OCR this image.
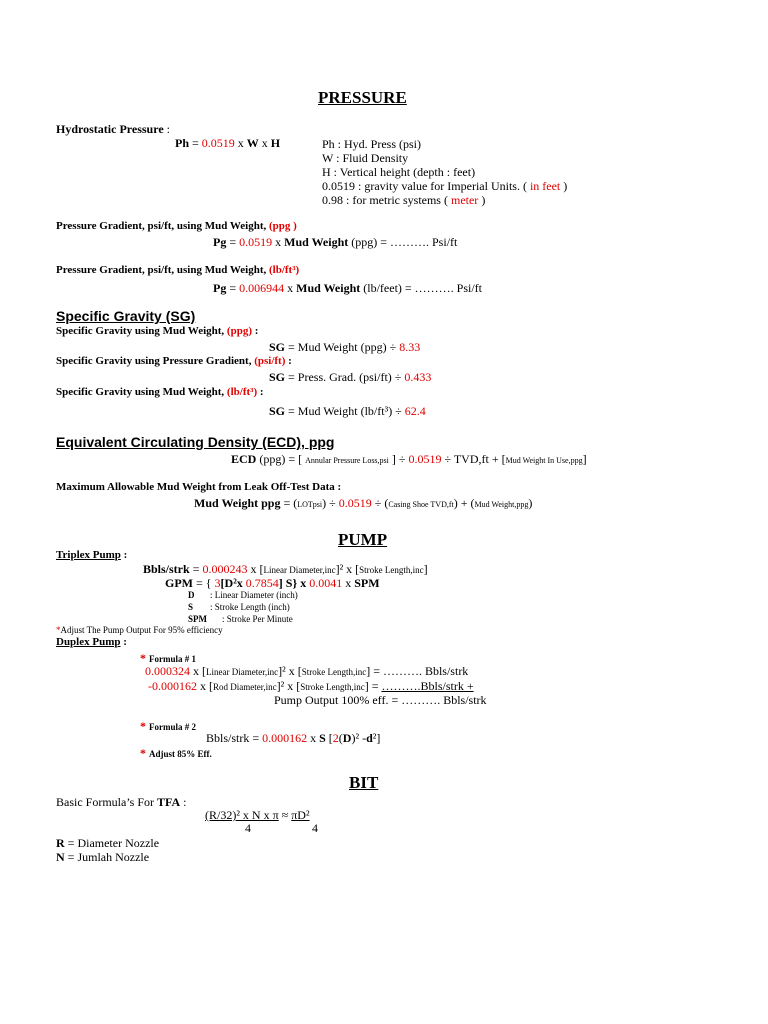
PRESSURE
Hydrostatic Pressure :
Ph = 0.0519 x W x H	Ph : Hyd. Press (psi)
W : Fluid Density
H : Vertical height (depth : feet)
0.0519 : gravity value for Imperial Units. ( in feet )
0.98 : for metric systems ( meter )
Pressure Gradient, psi/ft, using Mud Weight, (ppg )
Pg = 0.0519 x Mud Weight (ppg) = ………. Psi/ft
Pressure Gradient, psi/ft, using Mud Weight, (lb/ft³)
Pg = 0.006944 x Mud Weight (lb/feet) = ………. Psi/ft
Specific Gravity (SG)
Specific Gravity using Mud Weight, (ppg) :
SG = Mud Weight (ppg) ÷ 8.33
Specific Gravity using Pressure Gradient, (psi/ft) :
SG = Press. Grad. (psi/ft) ÷ 0.433
Specific Gravity using Mud Weight, (lb/ft³) :
SG = Mud Weight (lb/ft³) ÷ 62.4
Equivalent Circulating Density (ECD), ppg
ECD (ppg) = [ Annular Pressure Loss,psi ] ÷ 0.0519 ÷ TVD,ft + [Mud Weight In Use,ppg]
Maximum Allowable Mud Weight from Leak Off-Test Data :
Mud Weight ppg = (LOTpsi) ÷ 0.0519 ÷ (Casing Shoe TVD,ft) + (Mud Weight,ppg)
PUMP
Triplex Pump :
Bbls/strk = 0.000243 x [Linear Diameter,inc]² x [Stroke Length,inc]
GPM = { 3[D²x 0.7854] S} x 0.0041 x SPM
D : Linear Diameter (inch)
S : Stroke Length (inch)
SPM : Stroke Per Minute
*Adjust The Pump Output For 95% efficiency
Duplex Pump :
* Formula # 1
0.000324 x [Linear Diameter,inc]² x [Stroke Length,inc] = ………. Bbls/strk
-0.000162 x [Rod Diameter,inc]² x [Stroke Length,inc] = ……….Bbls/strk +
Pump Output 100% eff. = ………. Bbls/strk
* Formula # 2
Bbls/strk = 0.000162 x S [2(D)² -d²]
* Adjust 85% Eff.
BIT
Basic Formula’s For TFA :
(R/32)² x N x π ≈ πD²
4	4
R = Diameter Nozzle
N = Jumlah Nozzle
